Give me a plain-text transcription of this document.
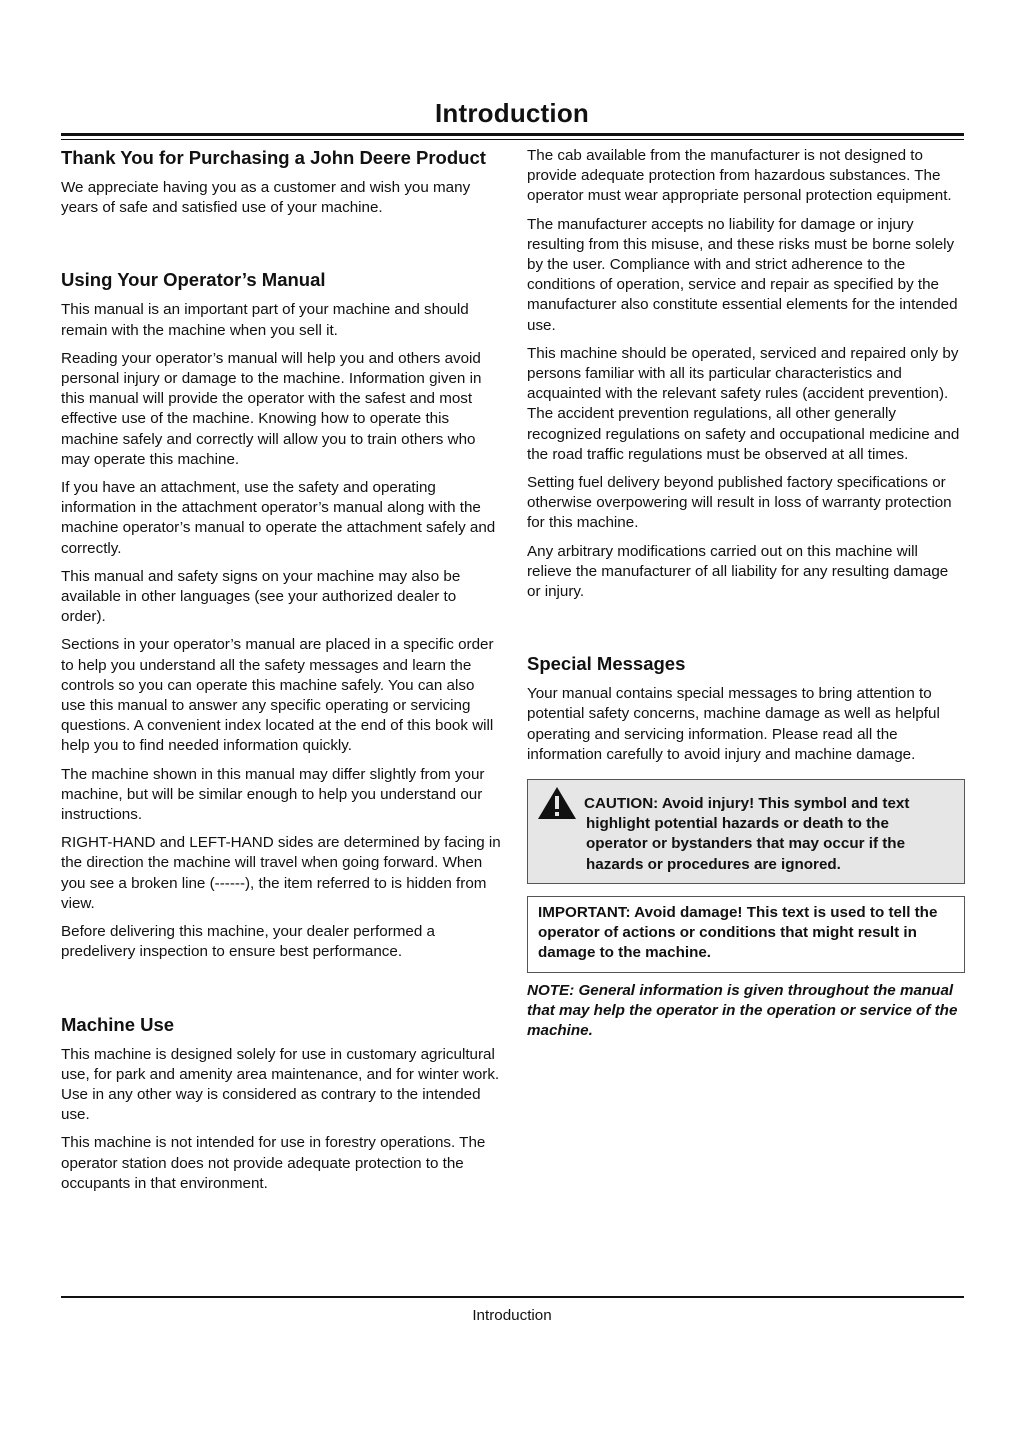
Introduction
Thank You for Purchasing a John Deere Product

We appreciate having you as a customer and wish you many years of safe and satisfied use of your machine.

Using Your Operator’s Manual

This manual is an important part of your machine and should remain with the machine when you sell it.

Reading your operator’s manual will help you and others avoid personal injury or damage to the machine. Information given in this manual will provide the operator with the safest and most effective use of the machine. Knowing how to operate this machine safely and correctly will allow you to train others who may operate this machine.

If you have an attachment, use the safety and operating information in the attachment operator’s manual along with the machine operator’s manual to operate the attachment safely and correctly.

This manual and safety signs on your machine may also be available in other languages (see your authorized dealer to order).

Sections in your operator’s manual are placed in a specific order to help you understand all the safety messages and learn the controls so you can operate this machine safely. You can also use this manual to answer any specific operating or servicing questions. A convenient index located at the end of this book will help you to find needed information quickly.

The machine shown in this manual may differ slightly from your machine, but will be similar enough to help you understand our instructions.

RIGHT-HAND and LEFT-HAND sides are determined by facing in the direction the machine will travel when going forward. When you see a broken line (------), the item referred to is hidden from view.

Before delivering this machine, your dealer performed a predelivery inspection to ensure best performance.

Machine Use

This machine is designed solely for use in customary agricultural use, for park and amenity area maintenance, and for winter work. Use in any other way is considered as contrary to the intended use.

This machine is not intended for use in forestry operations. The operator station does not provide adequate protection to the occupants in that environment.

The cab available from the manufacturer is not designed to provide adequate protection from hazardous substances. The operator must wear appropriate personal protection equipment.

The manufacturer accepts no liability for damage or injury resulting from this misuse, and these risks must be borne solely by the user. Compliance with and strict adherence to the conditions of operation, service and repair as specified by the manufacturer also constitute essential elements for the intended use.

This machine should be operated, serviced and repaired only by persons familiar with all its particular characteristics and acquainted with the relevant safety rules (accident prevention). The accident prevention regulations, all other generally recognized regulations on safety and occupational medicine and the road traffic regulations must be observed at all times.

Setting fuel delivery beyond published factory specifications or otherwise overpowering will result in loss of warranty protection for this machine.

Any arbitrary modifications carried out on this machine will relieve the manufacturer of all liability for any resulting damage or injury.

Special Messages

Your manual contains special messages to bring attention to potential safety concerns, machine damage as well as helpful operating and servicing information. Please read all the information carefully to avoid injury and machine damage.

CAUTION: Avoid injury! This symbol and text
highlight potential hazards or death to the operator or bystanders that may occur if the hazards or procedures are ignored.
IMPORTANT: Avoid damage! This text is used to tell the operator of actions or conditions that might result in damage to the machine.
NOTE: General information is given throughout the manual that may help the operator in the operation or service of the machine.
Introduction
